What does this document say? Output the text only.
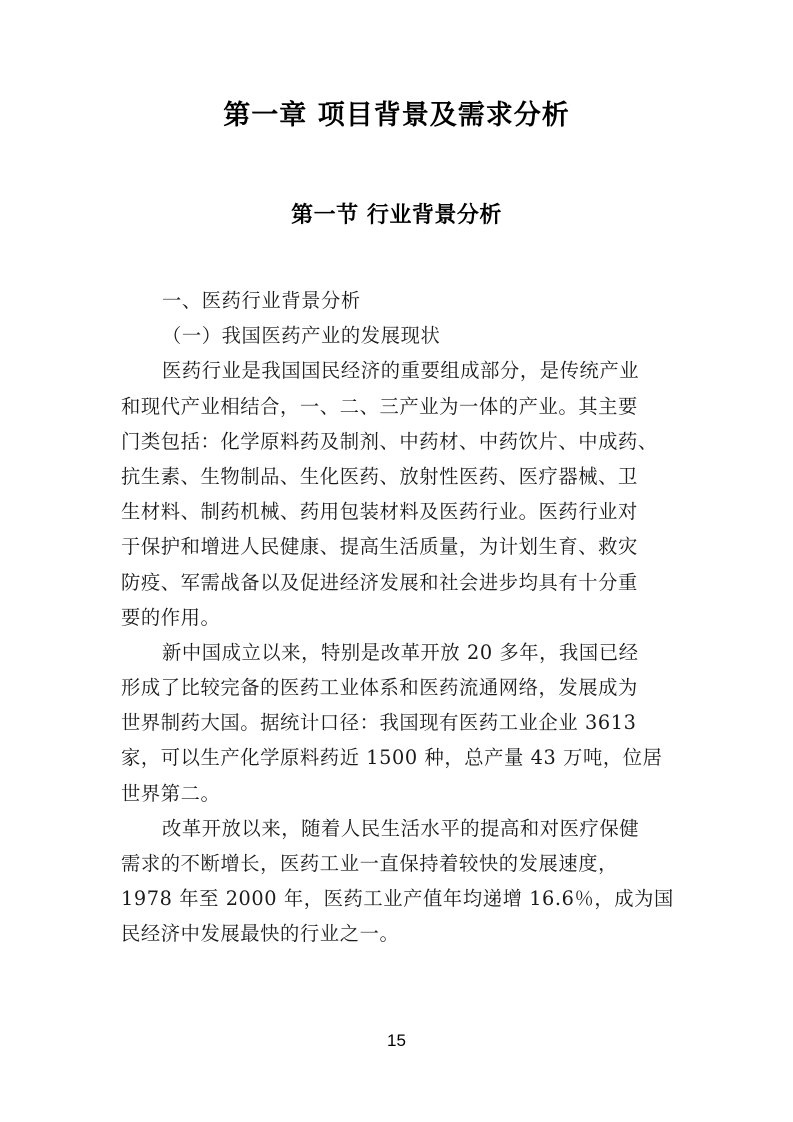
第一章 项目背景及需求分析
第一节 行业背景分析
一、医药行业背景分析
（一）我国医药产业的发展现状
医药行业是我国国民经济的重要组成部分，是传统产业
和现代产业相结合，一、二、三产业为一体的产业。其主要
门类包括：化学原料药及制剂、中药材、中药饮片、中成药、
抗生素、生物制品、生化医药、放射性医药、医疗器械、卫
生材料、制药机械、药用包装材料及医药行业。医药行业对
于保护和增进人民健康、提高生活质量，为计划生育、救灾
防疫、军需战备以及促进经济发展和社会进步均具有十分重
要的作用。
新中国成立以来，特别是改革开放 20 多年，我国已经
形成了比较完备的医药工业体系和医药流通网络，发展成为
世界制药大国。据统计口径：我国现有医药工业企业 3613
家，可以生产化学原料药近 1500 种，总产量 43 万吨，位居
世界第二。
改革开放以来，随着人民生活水平的提高和对医疗保健
需求的不断增长，医药工业一直保持着较快的发展速度，
1978 年至 2000 年，医药工业产值年均递增 16.6％，成为国
民经济中发展最快的行业之一。
15
